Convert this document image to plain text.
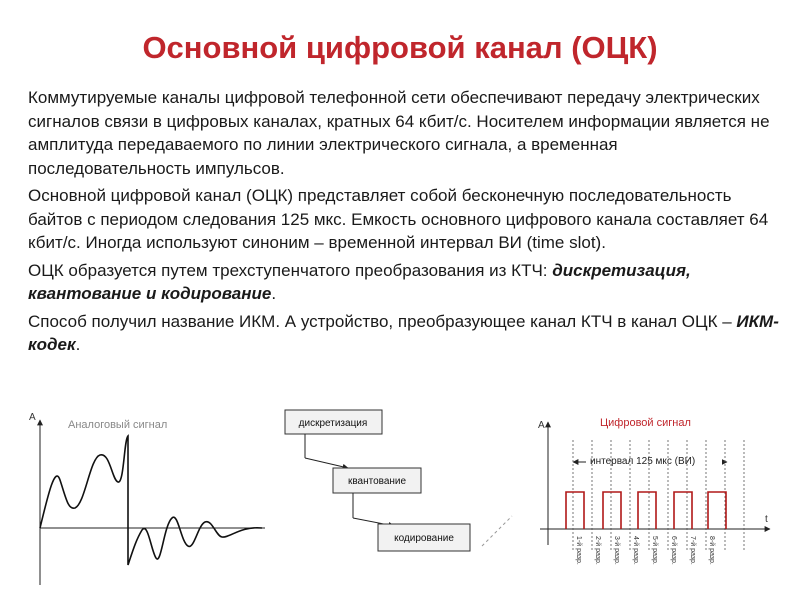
Основной цифровой канал (ОЦК)

Коммутируемые каналы цифровой телефонной сети обеспечивают передачу электрических сигналов связи в цифровых каналах, кратных 64 кбит/с. Носителем информации является не амплитуда передаваемого по линии электрического сигнала, а временная последовательность импульсов.

Основной цифровой канал (ОЦК) представляет собой бесконечную последовательность байтов с периодом следования 125 мкс. Емкость основного цифрового канала составляет 64 кбит/с. Иногда используют синоним – временной интервал ВИ (time slot).

ОЦК образуется путем трехступенчатого преобразования из КТЧ: дискретизация, квантование и кодирование.

Способ получил название ИКМ. А устройство, преобразующее канал КТЧ в канал ОЦК – ИКМ-кодек.

A
Аналоговый сигнал	дискретизация
квантование
кодирование
A
t
Цифровой сигнал
интервал 125 мкс (ВИ)
1-й разр. 2-й разр. 3-й разр. 4-й разр. 5-й разр. 6-й разр. 7-й разр. 8-й разр.
